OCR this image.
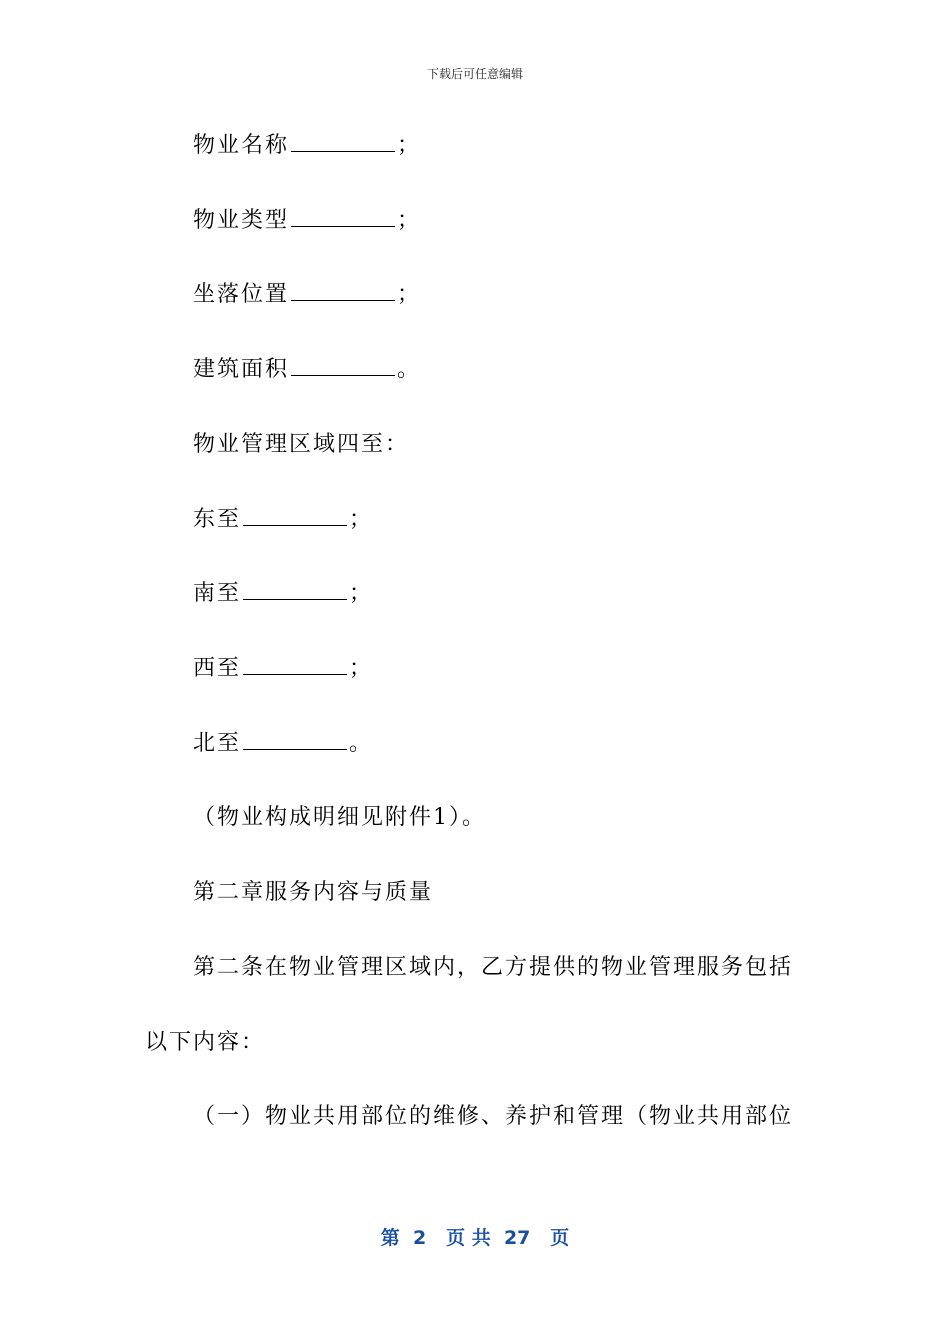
下载后可任意编辑
物业名称	；
物业类型	；
坐落位置	；
建筑面积	。
物业管理区域四至：
东至	；
南至	；
西至	；
北至	。
（物业构成明细见附件1）。
第二章服务内容与质量
第二条在物业管理区域内，乙方提供的物业管理服务包括
以下内容：
（一）物业共用部位的维修、养护和管理（物业共用部位
第 2 页 共 27 页
